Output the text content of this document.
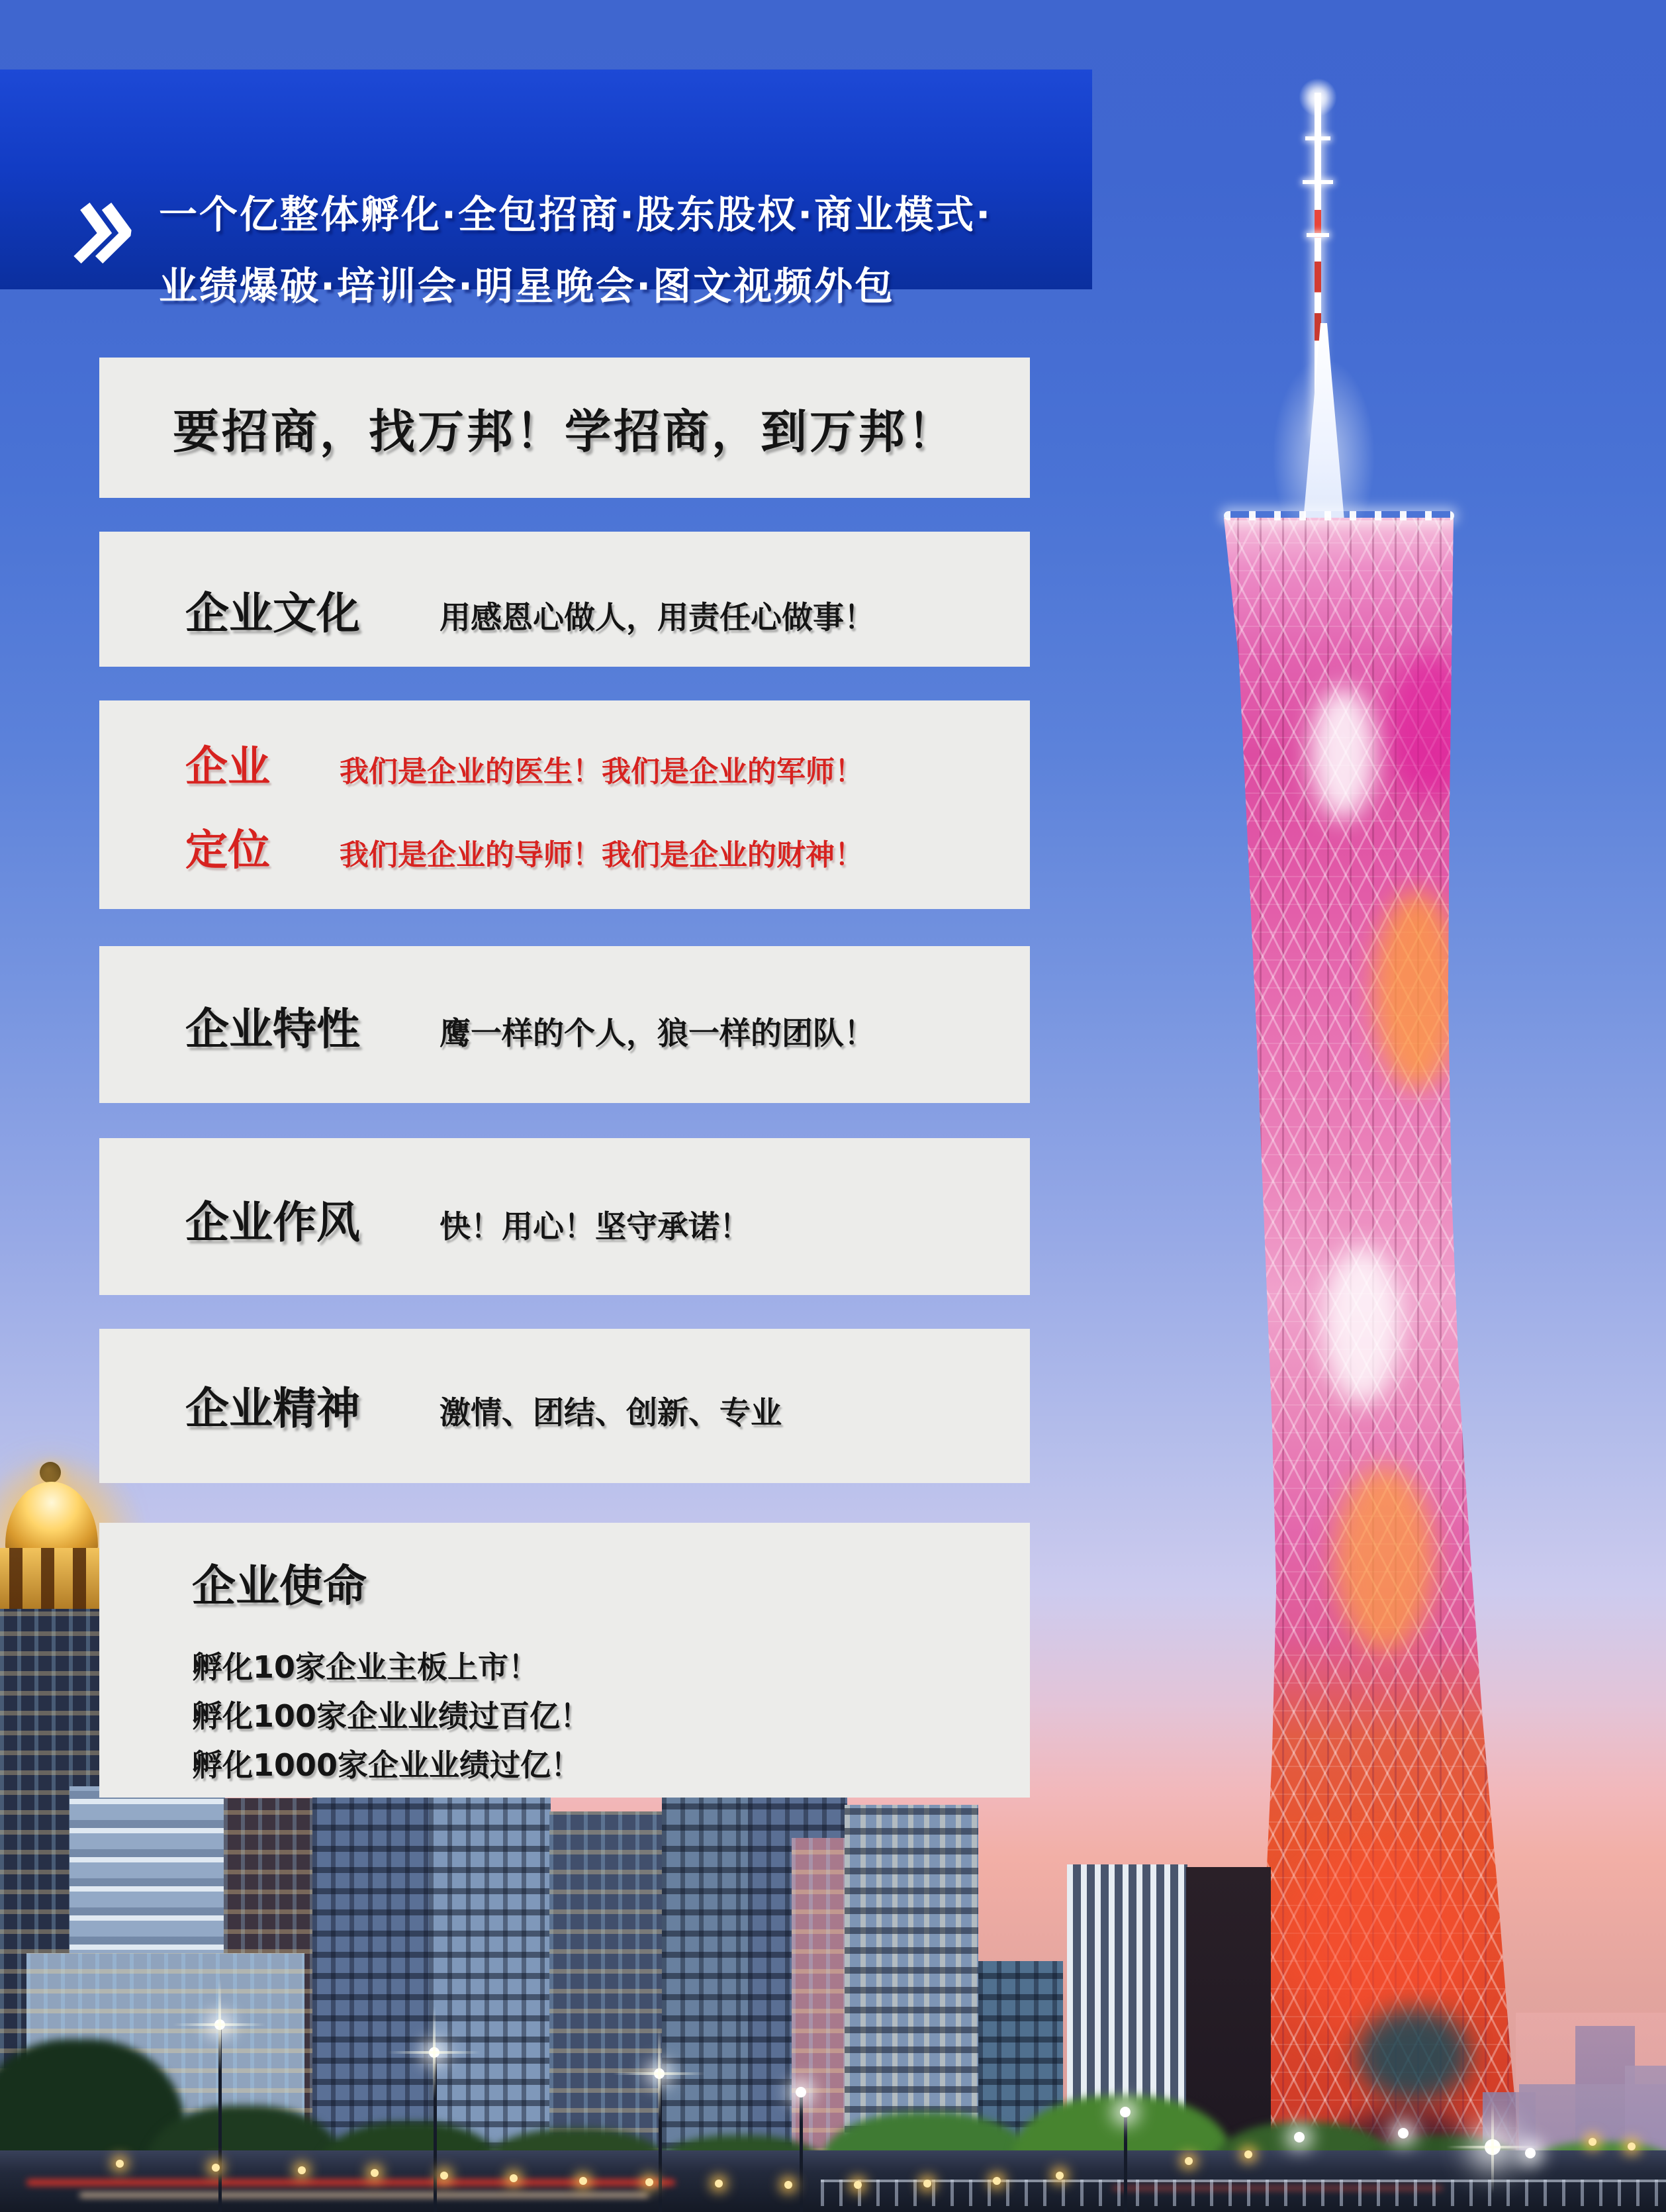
一个亿整体孵化·全包招商·股东股权·商业模式·
业绩爆破·培训会·明星晚会·图文视频外包
要招商，找万邦！学招商，到万邦！
企业文化	用感恩心做人，用责任心做事！
企业	我们是企业的医生！我们是企业的军师！
定位	我们是企业的导师！我们是企业的财神！
企业特性	鹰一样的个人，狼一样的团队！
企业作风	快！用心！坚守承诺！
企业精神	激情、团结、创新、专业
企业使命
孵化10家企业主板上市！
孵化100家企业业绩过百亿！
孵化1000家企业业绩过亿！
